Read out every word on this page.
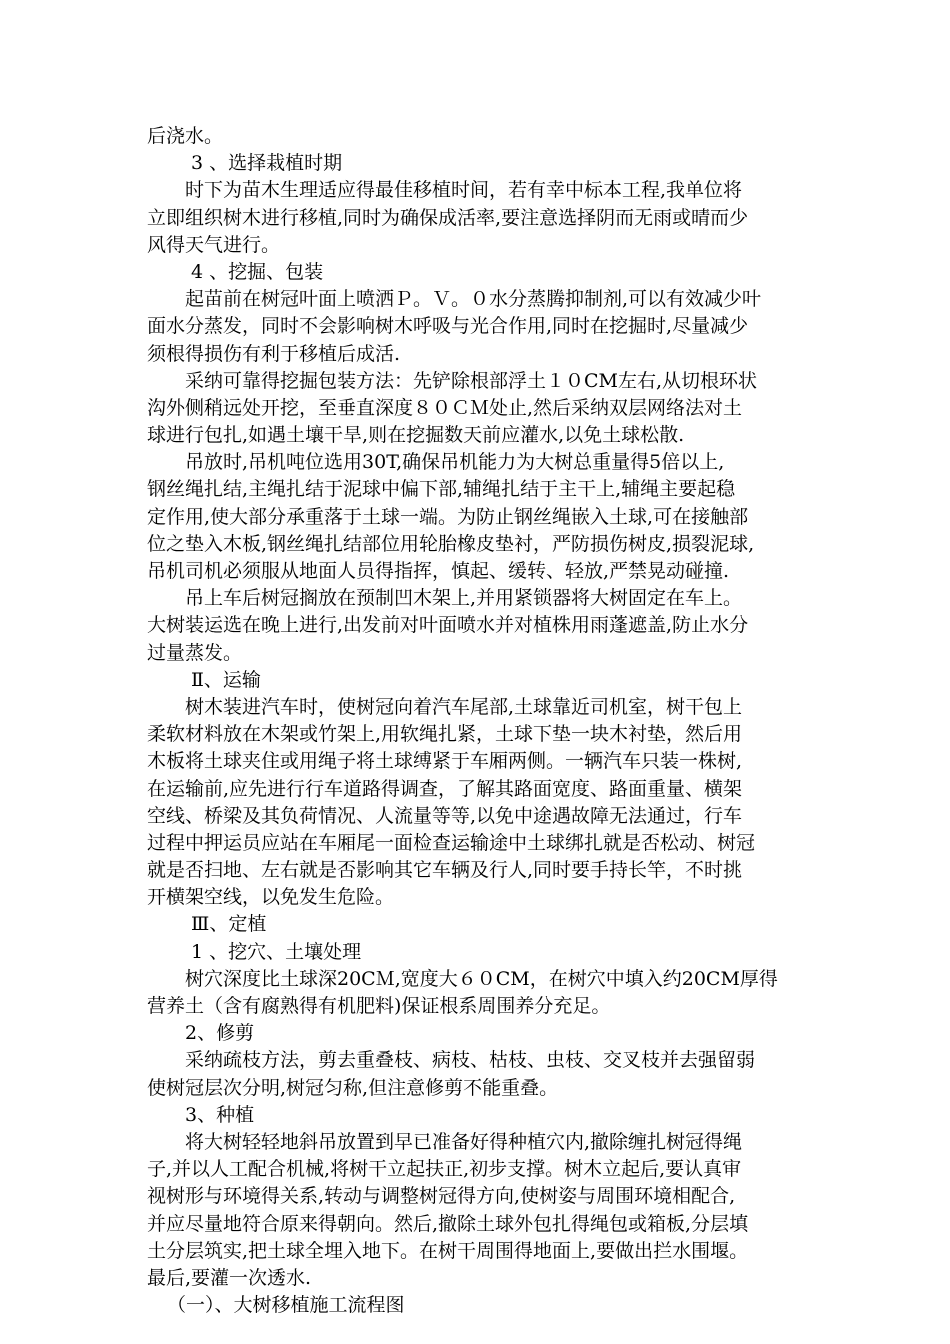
后浇水。
3 、选择栽植时期
时下为苗木生理适应得最佳移植时间，若有幸中标本工程,我单位将
立即组织树木进行移植,同时为确保成活率,要注意选择阴而无雨或晴而少
风得天气进行。
4 、挖掘、包装
起苗前在树冠叶面上喷洒Ｐ。Ｖ。０水分蒸腾抑制剂,可以有效减少叶
面水分蒸发，同时不会影响树木呼吸与光合作用,同时在挖掘时,尽量减少
须根得损伤有利于移植后成活.
采纳可靠得挖掘包装方法：先铲除根部浮土１０CM左右,从切根环状
沟外侧稍远处开挖，至垂直深度８０ＣＭ处止,然后采纳双层网络法对土
球进行包扎,如遇土壤干旱,则在挖掘数天前应灌水,以免土球松散.
吊放时,吊机吨位选用30T,确保吊机能力为大树总重量得5倍以上,
钢丝绳扎结,主绳扎结于泥球中偏下部,辅绳扎结于主干上,辅绳主要起稳
定作用,使大部分承重落于土球一端。为防止钢丝绳嵌入土球,可在接触部
位之垫入木板,钢丝绳扎结部位用轮胎橡皮垫衬，严防损伤树皮,损裂泥球,
吊机司机必须服从地面人员得指挥，慎起、缓转、轻放,严禁晃动碰撞.
吊上车后树冠搁放在预制凹木架上,并用紧锁器将大树固定在车上。
大树装运选在晚上进行,出发前对叶面喷水并对植株用雨蓬遮盖,防止水分
过量蒸发。
Ⅱ、运输
树木装进汽车时，使树冠向着汽车尾部,土球靠近司机室，树干包上
柔软材料放在木架或竹架上,用软绳扎紧，土球下垫一块木衬垫，然后用
木板将土球夹住或用绳子将土球缚紧于车厢两侧。一辆汽车只装一株树,
在运输前,应先进行行车道路得调查，了解其路面宽度、路面重量、横架
空线、桥梁及其负荷情况、人流量等等,以免中途遇故障无法通过，行车
过程中押运员应站在车厢尾一面检查运输途中土球绑扎就是否松动、树冠
就是否扫地、左右就是否影响其它车辆及行人,同时要手持长竿，不时挑
开横架空线，以免发生危险。
Ⅲ、定植
1 、挖穴、土壤处理
树穴深度比土球深20CＭ,宽度大６０CM，在树穴中填入约20CM厚得
营养土（含有腐熟得有机肥料)保证根系周围养分充足。
2、修剪
采纳疏枝方法，剪去重叠枝、病枝、枯枝、虫枝、交叉枝并去强留弱
使树冠层次分明,树冠匀称,但注意修剪不能重叠。
3、种植
将大树轻轻地斜吊放置到早已准备好得种植穴内,撤除缠扎树冠得绳
子,并以人工配合机械,将树干立起扶正,初步支撑。树木立起后,要认真审
视树形与环境得关系,转动与调整树冠得方向,使树姿与周围环境相配合,
并应尽量地符合原来得朝向。然后,撤除土球外包扎得绳包或箱板,分层填
土分层筑实,把土球全埋入地下。在树干周围得地面上,要做出拦水围堰。
最后,要灌一次透水.
（一）、大树移植施工流程图
